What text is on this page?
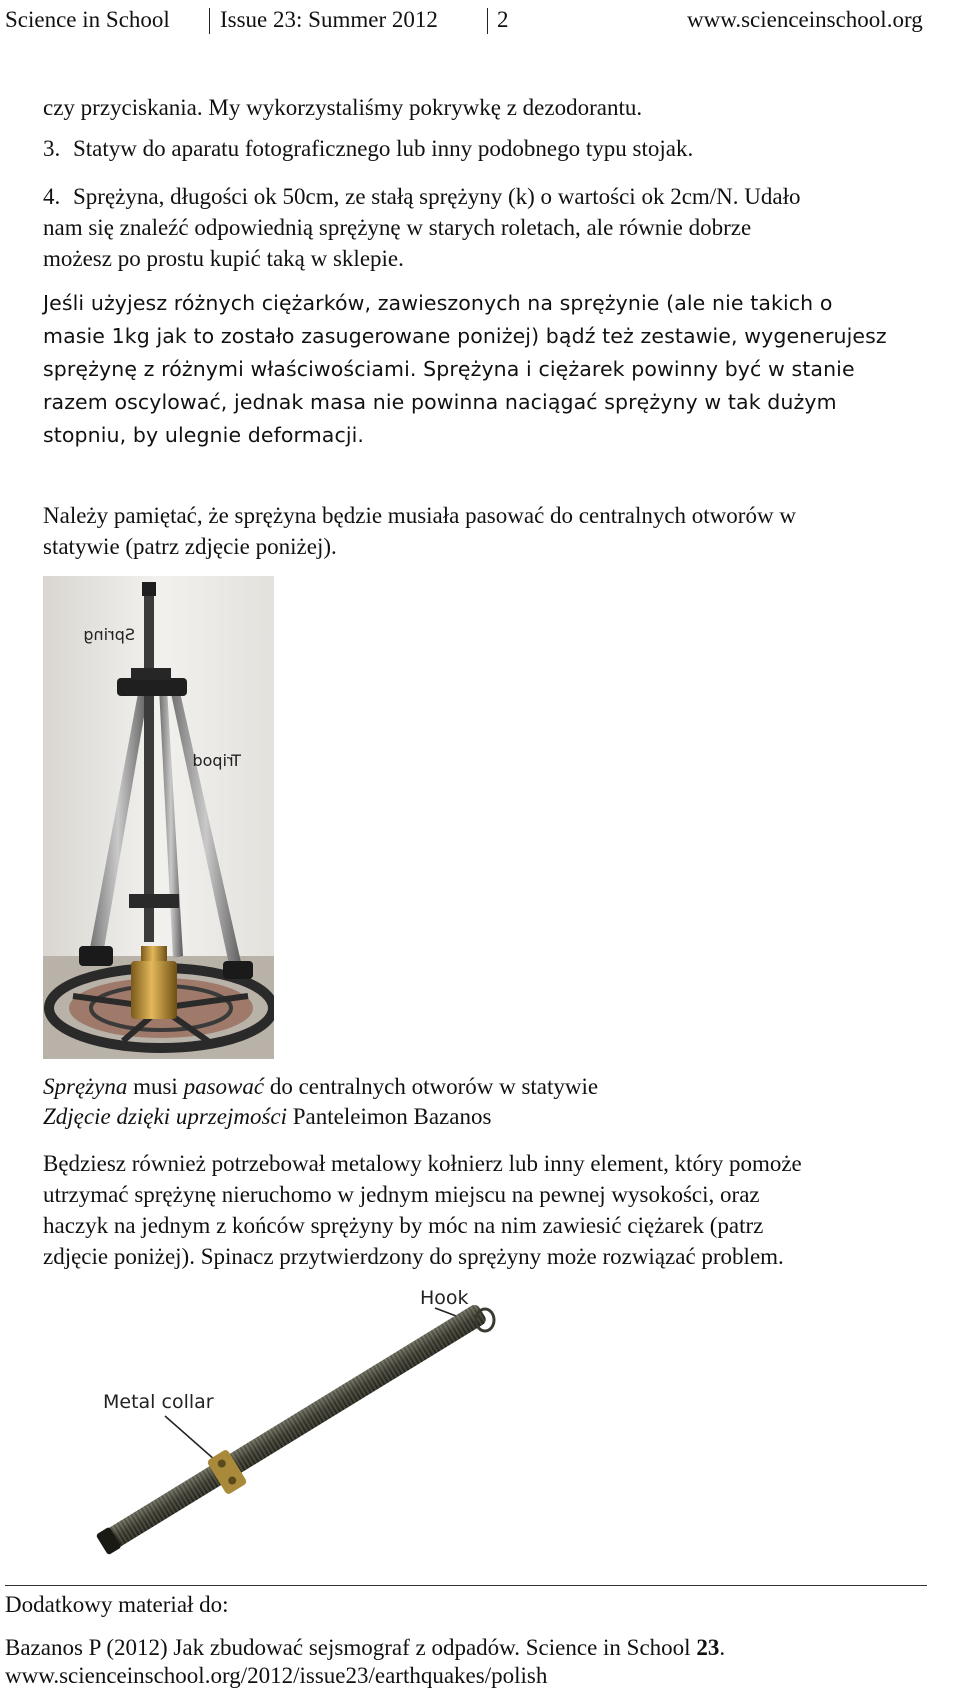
Science in School Issue 23: Summer 2012	2	www.scienceinschool.org
czy przyciskania. My wykorzystaliśmy pokrywkę z dezodorantu.
3. Statyw do aparatu fotograficznego lub inny podobnego typu stojak.
4. Sprężyna, długości ok 50cm, ze stałą sprężyny (k) o wartości ok 2cm/N. Udało
nam się znaleźć odpowiednią sprężynę w starych roletach, ale równie dobrze
możesz po prostu kupić taką w sklepie.
Jeśli użyjesz różnych ciężarków, zawieszonych na sprężynie (ale nie takich o
masie 1kg jak to zostało zasugerowane poniżej) bądź też zestawie, wygenerujesz
sprężynę z różnymi właściwościami. Sprężyna i ciężarek powinny być w stanie
razem oscylować, jednak masa nie powinna naciągać sprężyny w tak dużym
stopniu, by ulegnie deformacji.
Należy pamiętać, że sprężyna będzie musiała pasować do centralnych otworów w
statywie (patrz zdjęcie poniżej).
Spring
Tripod
Sprężyna musi pasować do centralnych otworów w statywie
Zdjęcie dzięki uprzejmości Panteleimon Bazanos
Będziesz również potrzebował metalowy kołnierz lub inny element, który pomoże
utrzymać sprężynę nieruchomo w jednym miejscu na pewnej wysokości, oraz
haczyk na jednym z końców sprężyny by móc na nim zawiesić ciężarek (patrz
zdjęcie poniżej). Spinacz przytwierdzony do sprężyny może rozwiązać problem.
Hook
Metal collar
Dodatkowy materiał do:
Bazanos P (2012) Jak zbudować sejsmograf z odpadów. Science in School 23.
www.scienceinschool.org/2012/issue23/earthquakes/polish
